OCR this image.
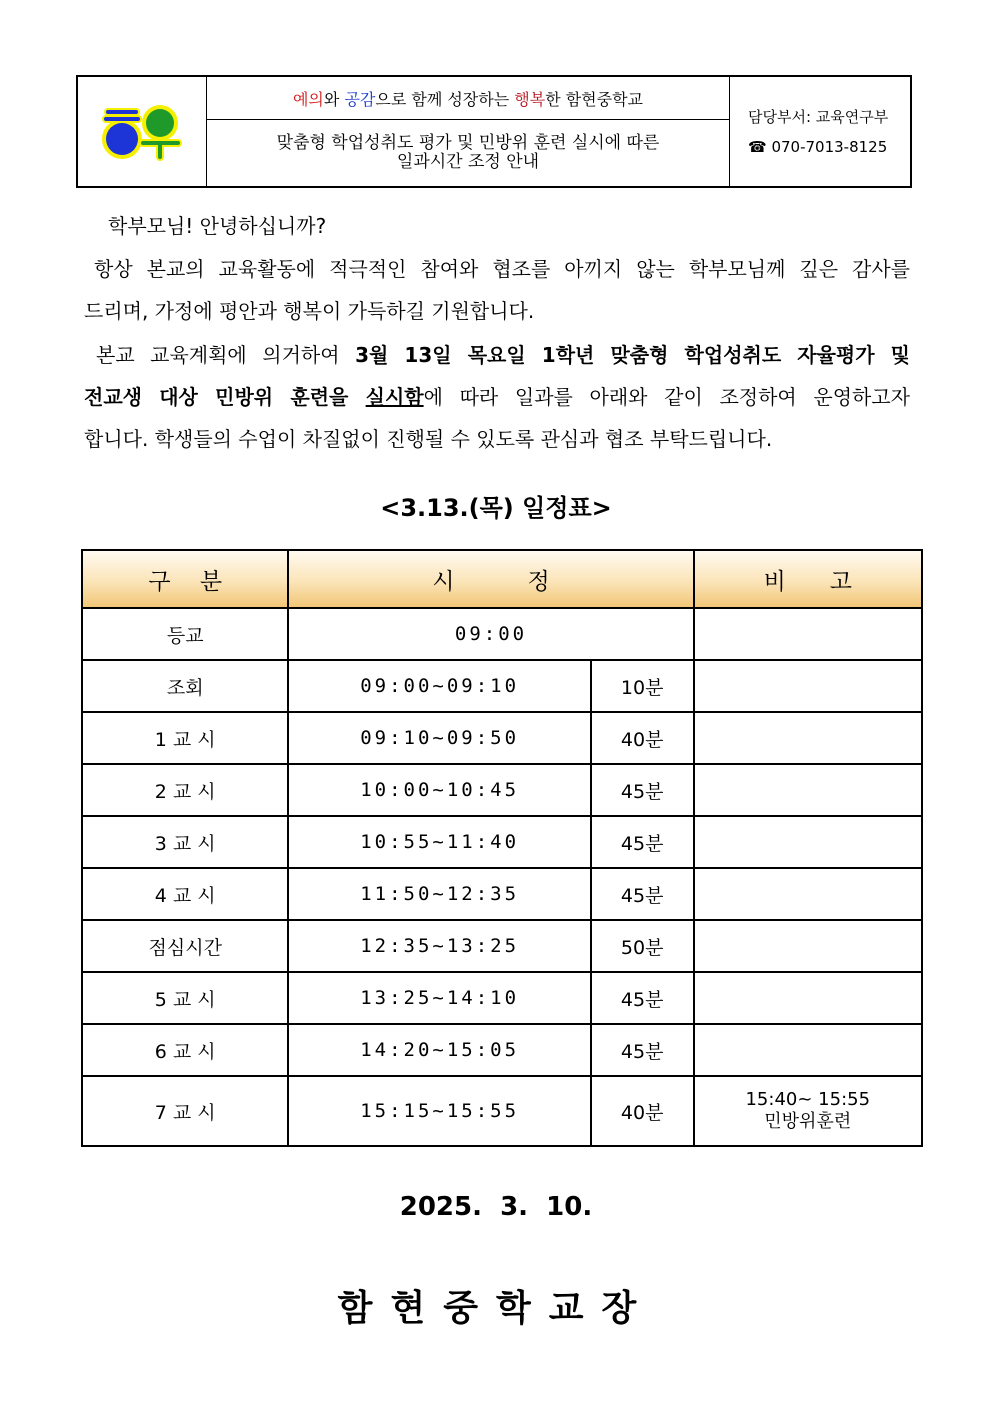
예의 와 공감 으로 함께 성장하는 행복 한 함현중학교
맞춤형 학업성취도 평가 및 민방위 훈련 실시에 따른
일과시간 조정 안내
담당부서: 교육연구부
☎ 070-7013-8125
학부모님! 안녕하십니까?
항상 본교의 교육활동에 적극적인 참여와 협조를 아끼지 않는 학부모님께 깊은 감사를
드리며, 가정에 평안과 행복이 가득하길 기원합니다.
본교 교육계획에 의거하여 3월 13일 목요일 1학년 맞춤형 학업성취도 자율평가 및
전교생 대상 민방위 훈련을 실시함에 따라 일과를 아래와 같이 조정하여 운영하고자
합니다. 학생들의 수업이 차질없이 진행될 수 있도록 관심과 협조 부탁드립니다.
<3.13.(목) 일정표>
구    분	시          정		비      고
등교	09:00		
조회	09:00~09:10	10분	
1 교 시	09:10~09:50	40분	
2 교 시	10:00~10:45	45분	
3 교 시	10:55~11:40	45분	
4 교 시	11:50~12:35	45분	
점심시간	12:35~13:25	50분	
5 교 시	13:25~14:10	45분	
6 교 시	14:20~15:05	45분	
7 교 시	15:15~15:55	40분	15:40~ 15:55
민방위훈련
2025.  3.  10.
함현중학교장
